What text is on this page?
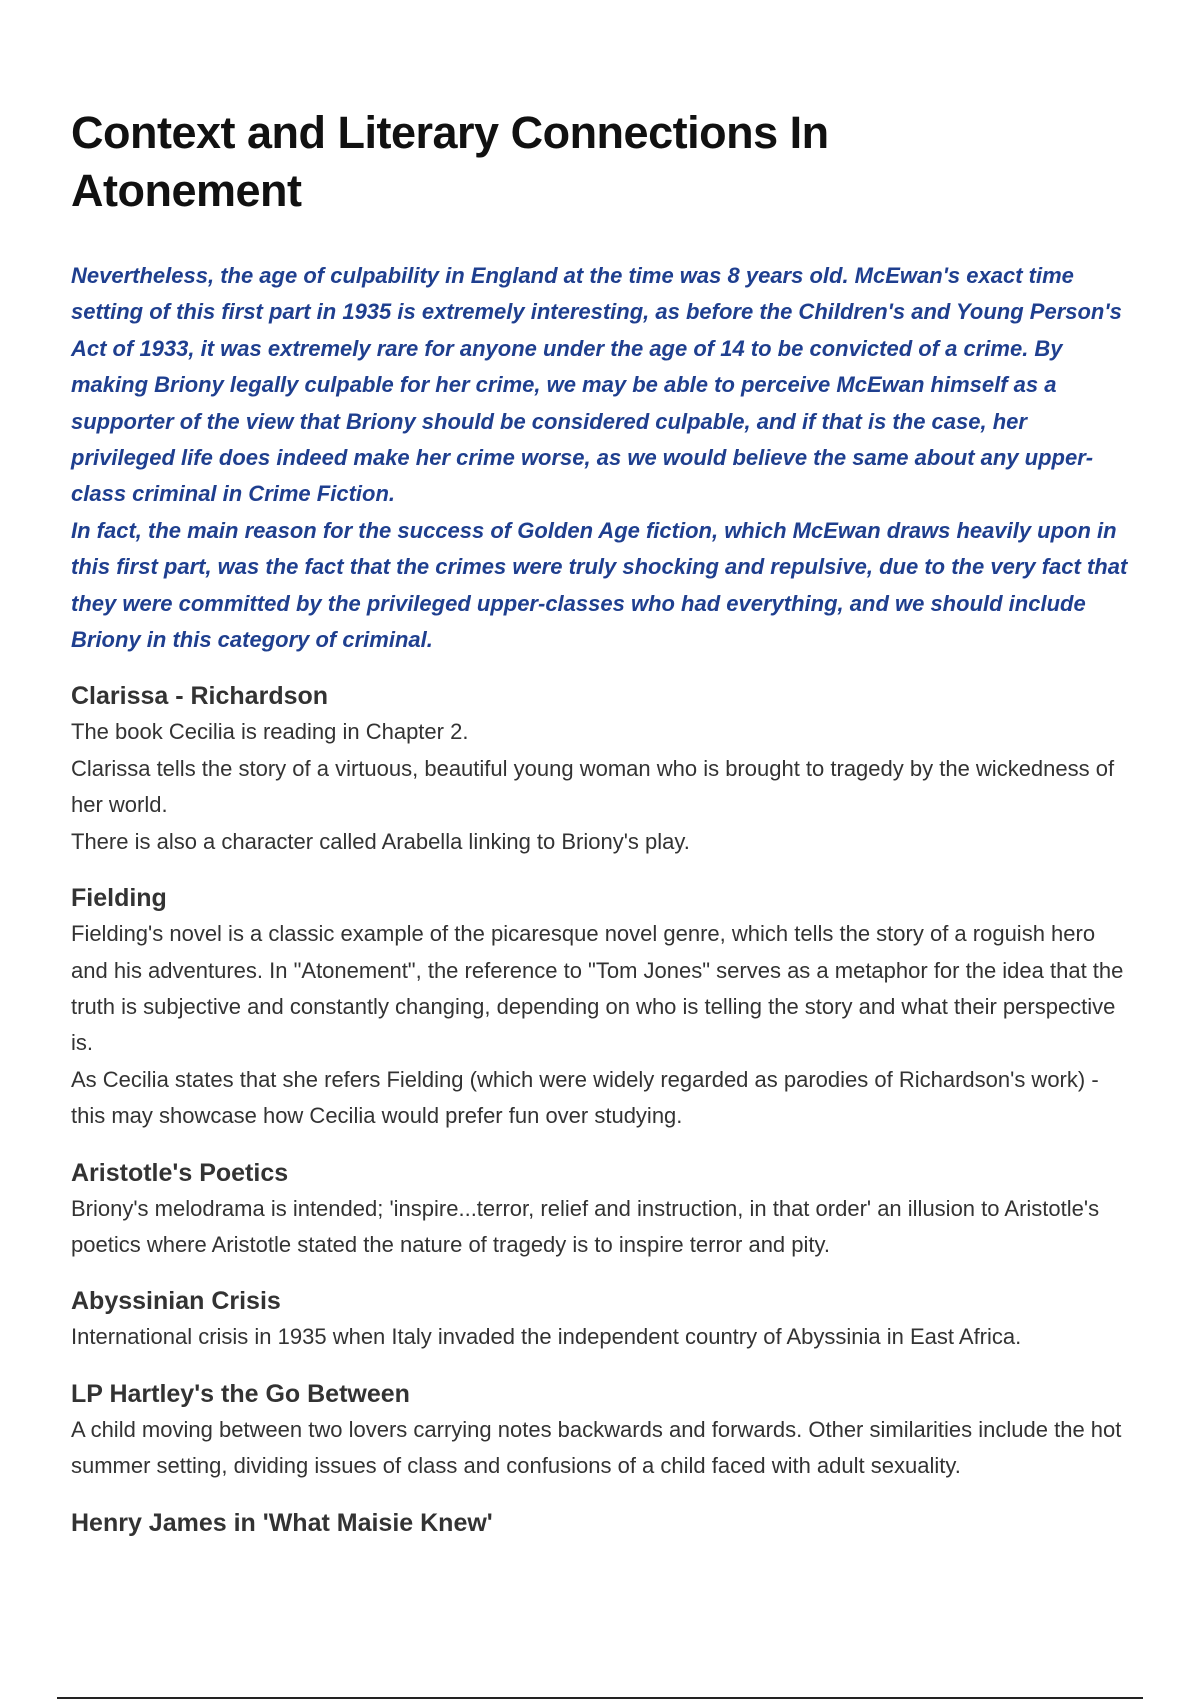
Context and Literary Connections In Atonement

Nevertheless, the age of culpability in England at the time was 8 years old. McEwan's exact time setting of this first part in 1935 is extremely interesting, as before the Children's and Young Person's Act of 1933, it was extremely rare for anyone under the age of 14 to be convicted of a crime. By making Briony legally culpable for her crime, we may be able to perceive McEwan himself as a supporter of the view that Briony should be considered culpable, and if that is the case, her privileged life does indeed make her crime worse, as we would believe the same about any upper-class criminal in Crime Fiction.

In fact, the main reason for the success of Golden Age fiction, which McEwan draws heavily upon in this first part, was the fact that the crimes were truly shocking and repulsive, due to the very fact that they were committed by the privileged upper-classes who had everything, and we should include Briony in this category of criminal.

Clarissa - Richardson

The book Cecilia is reading in Chapter 2.

Clarissa tells the story of a virtuous, beautiful young woman who is brought to tragedy by the wickedness of her world.

There is also a character called Arabella linking to Briony's play.

Fielding

Fielding's novel is a classic example of the picaresque novel genre, which tells the story of a roguish hero and his adventures. In "Atonement", the reference to "Tom Jones" serves as a metaphor for the idea that the truth is subjective and constantly changing, depending on who is telling the story and what their perspective is.

As Cecilia states that she refers Fielding (which were widely regarded as parodies of Richardson's work) - this may showcase how Cecilia would prefer fun over studying.

Aristotle's Poetics

Briony's melodrama is intended; 'inspire...terror, relief and instruction, in that order' an illusion to Aristotle's poetics where Aristotle stated the nature of tragedy is to inspire terror and pity.

Abyssinian Crisis

International crisis in 1935 when Italy invaded the independent country of Abyssinia in East Africa.

LP Hartley's the Go Between

A child moving between two lovers carrying notes backwards and forwards. Other similarities include the hot summer setting, dividing issues of class and confusions of a child faced with adult sexuality.

Henry James in 'What Maisie Knew'
